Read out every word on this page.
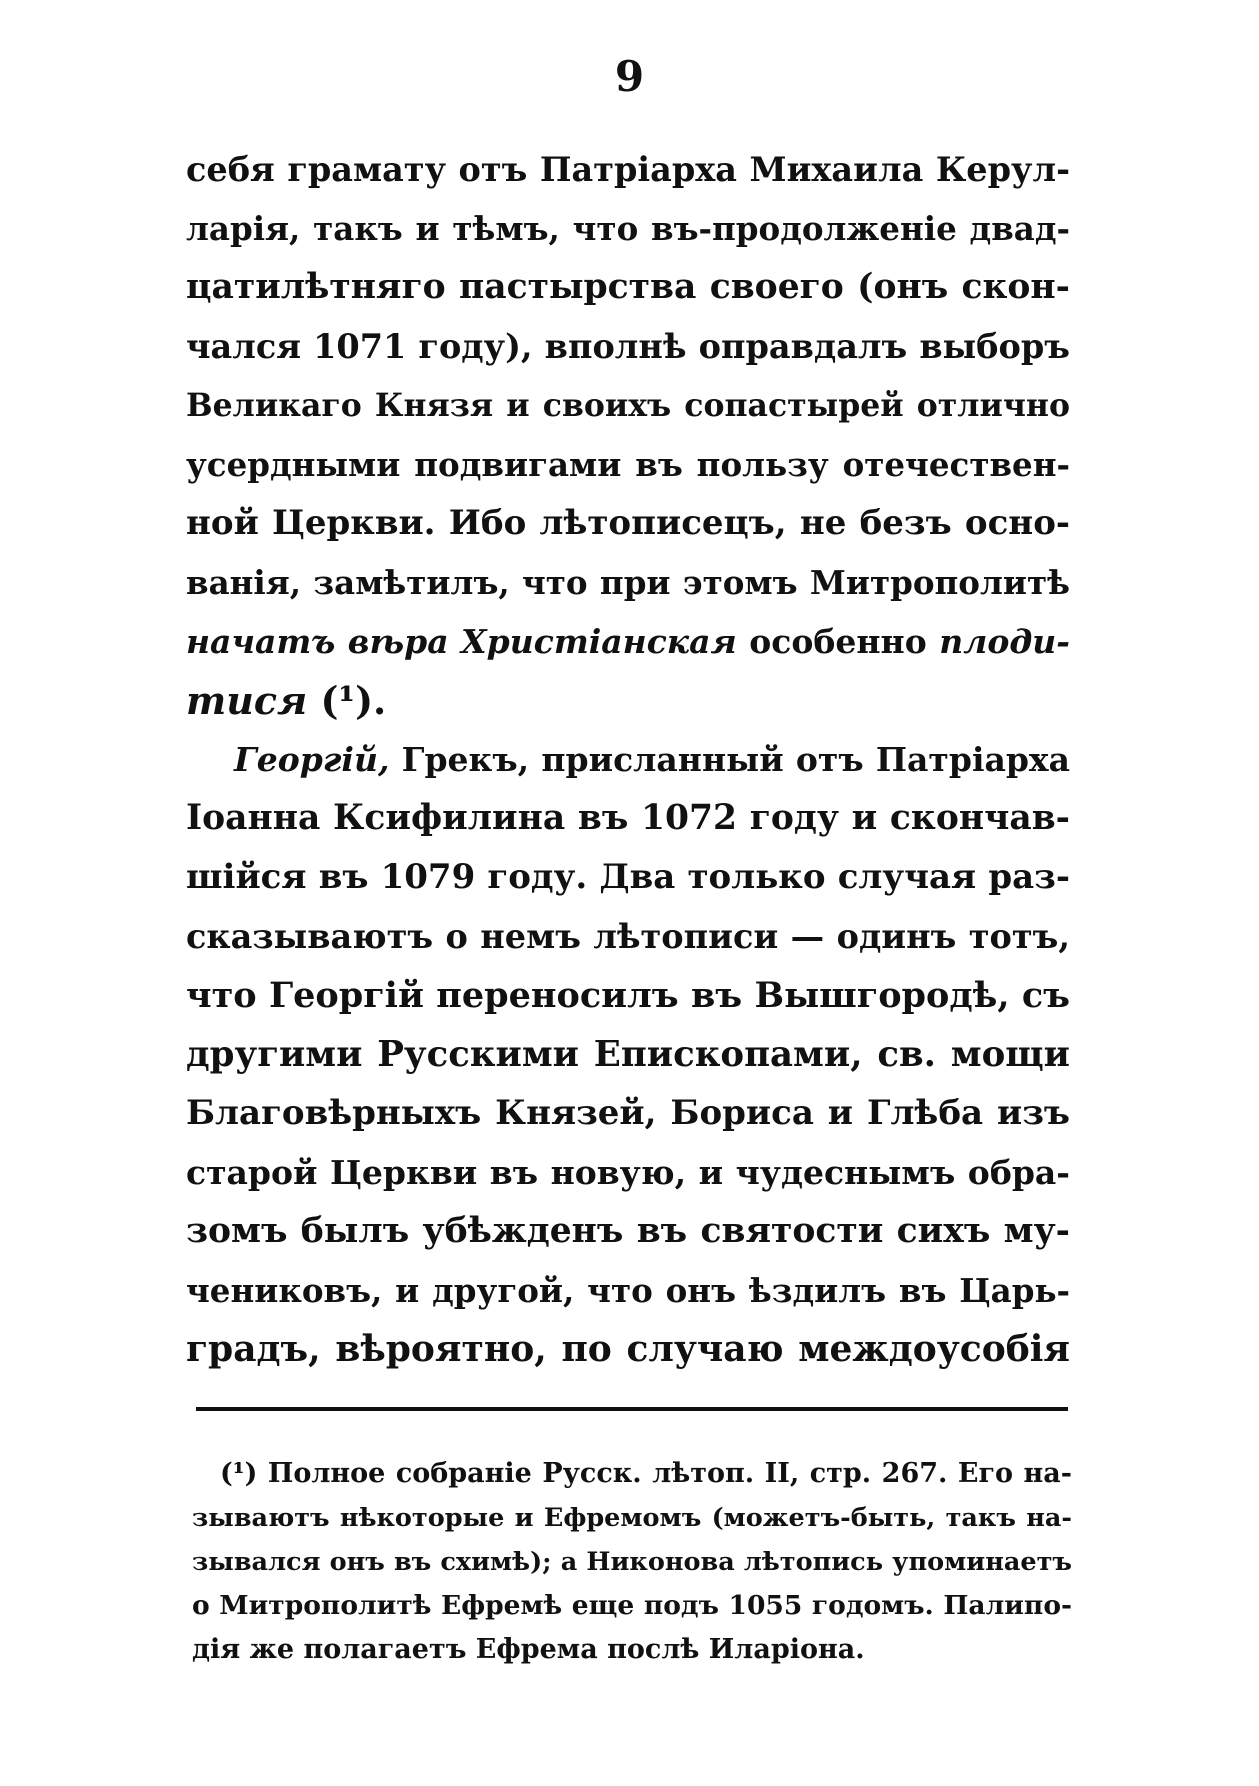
9
себя грамату отъ Патріарха Михаила Керул-
ларія, такъ и тѣмъ, что въ-продолженіе двад-
цатилѣтняго пастырства своего (онъ скон-
чался 1071 году), вполнѣ оправдалъ выборъ
Великаго Князя и своихъ сопастырей отлично
усердными подвигами въ пользу отечествен-
ной Церкви. Ибо лѣтописецъ, не безъ осно-
ванія, замѣтилъ, что при этомъ Митрополитѣ
начатъ вѣра Христіанская особенно плоди-
тися (¹).
Георгій, Грекъ, присланный отъ Патріарха
Іоанна Ксифилина въ 1072 году и скончав-
шійся въ 1079 году. Два только случая раз-
сказываютъ о немъ лѣтописи — одинъ тотъ,
что Георгій переносилъ въ Вышгородѣ, съ
другими Русскими Епископами, св. мощи
Благовѣрныхъ Князей, Бориса и Глѣба изъ
старой Церкви въ новую, и чудеснымъ обра-
зомъ былъ убѣжденъ въ святости сихъ му-
чениковъ, и другой, что онъ ѣздилъ въ Царь-
градъ, вѣроятно, по случаю междоусобія
(¹) Полное собраніе Русск. лѣтоп. II, стр. 267. Его на-
зываютъ нѣкоторые и Ефремомъ (можетъ-быть, такъ на-
зывался онъ въ схимѣ); а Никонова лѣтопись упоминаетъ
о Митрополитѣ Ефремѣ еще подъ 1055 годомъ. Палипо-
дія же полагаетъ Ефрема послѣ Иларіона.
